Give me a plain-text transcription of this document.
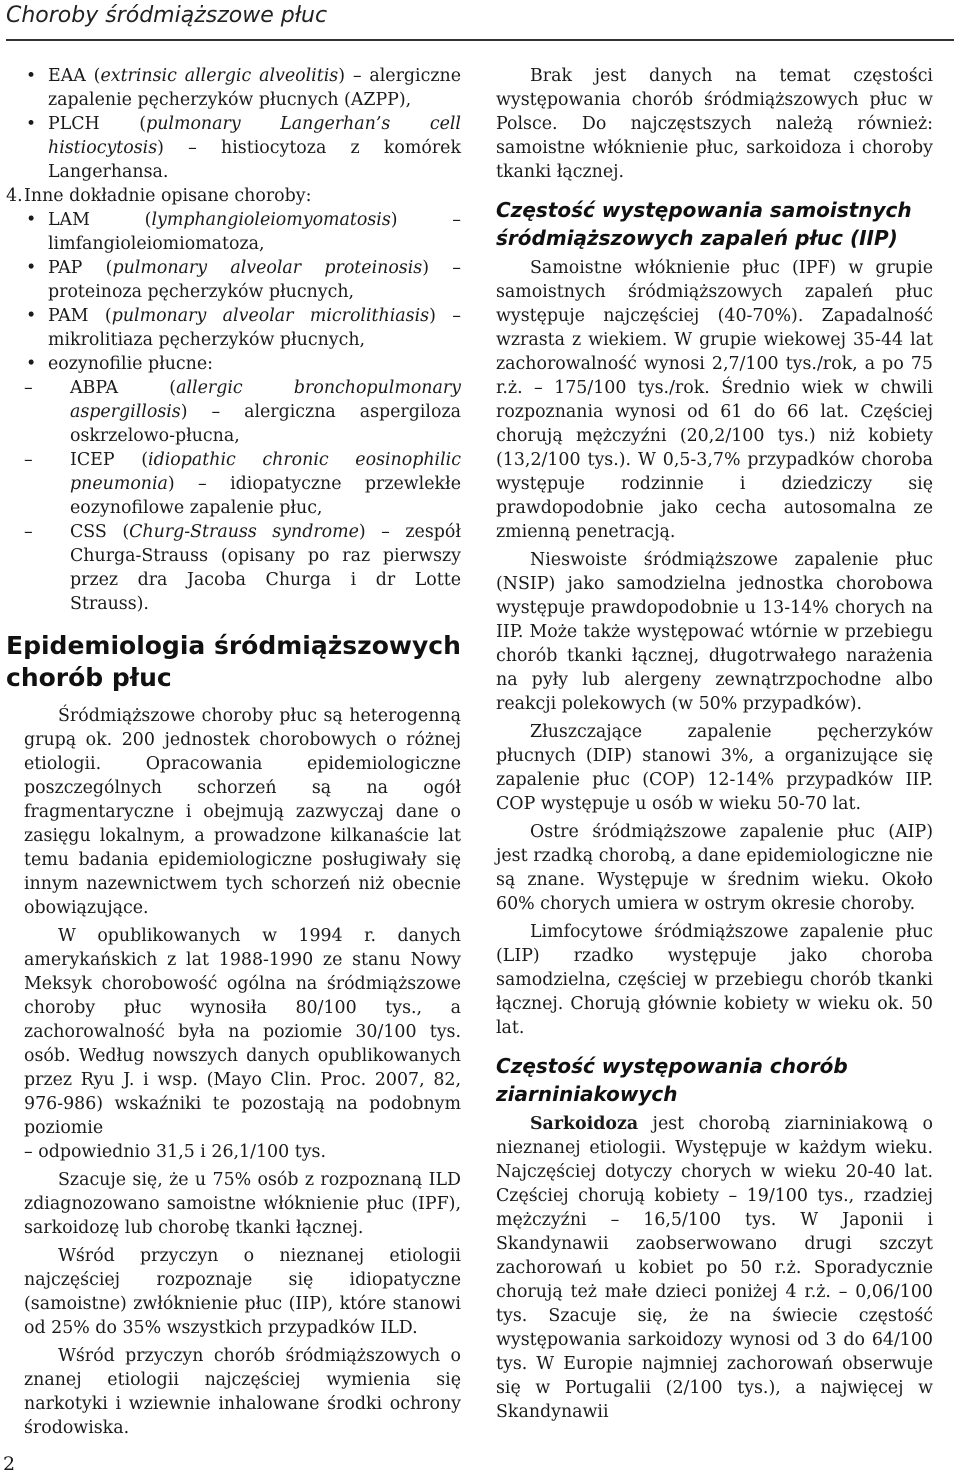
Choroby śródmiąższowe płuc
• EAA (extrinsic allergic alveolitis) – alergiczne zapalenie pęcherzyków płucnych (AZPP),
• PLCH (pulmonary Langerhan’s cell histiocytosis) – histiocytoza z komórek Langerhansa.
4. Inne dokładnie opisane choroby:
• LAM (lymphangioleiomyomatosis) – limfangioleiomiomatoza,
• PAP (pulmonary alveolar proteinosis) – proteinoza pęcherzyków płucnych,
• PAM (pulmonary alveolar microlithiasis) – mikrolitiaza pęcherzyków płucnych,
• eozynofilie płucne:
– ABPA (allergic bronchopulmonary aspergillosis) – alergiczna aspergiloza oskrzelowo-płucna,
– ICEP (idiopathic chronic eosinophilic pneumonia) – idiopatyczne przewlekłe eozynofilowe zapalenie płuc,
– CSS (Churg-Strauss syndrome) – zespół Churga-Strauss (opisany po raz pierwszy przez dra Jacoba Churga i dr Lotte Strauss).
Epidemiologia śródmiąższowych chorób płuc

Śródmiąższowe choroby płuc są heterogenną grupą ok. 200 jednostek chorobowych o różnej etiologii. Opracowania epidemiologiczne poszczególnych schorzeń są na ogół fragmentaryczne i obejmują zazwyczaj dane o zasięgu lokalnym, a prowadzone kilkanaście lat temu badania epidemiologiczne posługiwały się innym nazewnictwem tych schorzeń niż obecnie obowiązujące.

W opublikowanych w 1994 r. danych amerykańskich z lat 1988-1990 ze stanu Nowy Meksyk chorobowość ogólna na śródmiąższowe choroby płuc wynosiła 80/100 tys., a zachorowalność była na poziomie 30/100 tys. osób. Według nowszych danych opublikowanych przez Ryu J. i wsp. (Mayo Clin. Proc. 2007, 82, 976-986) wskaźniki te pozostają na podobnym poziomie

– odpowiednio 31,5 i 26,1/100 tys.

Szacuje się, że u 75% osób z rozpoznaną ILD zdiagnozowano samoistne włóknienie płuc (IPF), sarkoidozę lub chorobę tkanki łącznej.

Wśród przyczyn o nieznanej etiologii najczęściej rozpoznaje się idiopatyczne (samoistne) zwłóknienie płuc (IIP), które stanowi od 25% do 35% wszystkich przypadków ILD.

Wśród przyczyn chorób śródmiąższowych o znanej etiologii najczęściej wymienia się narkotyki i wziewnie inhalowane środki ochrony środowiska.

Brak jest danych na temat częstości występowania chorób śródmiąższowych płuc w Polsce. Do najczęstszych należą również: samoistne włóknienie płuc, sarkoidoza i choroby tkanki łącznej.

Częstość występowania samoistnych śródmiąższowych zapaleń płuc (IIP)

Samoistne włóknienie płuc (IPF) w grupie samoistnych śródmiąższowych zapaleń płuc występuje najczęściej (40-70%). Zapadalność wzrasta z wiekiem. W grupie wiekowej 35-44 lat zachorowalność wynosi 2,7/100 tys./rok, a po 75 r.ż. – 175/100 tys./rok. Średnio wiek w chwili rozpoznania wynosi od 61 do 66 lat. Częściej chorują mężczyźni (20,2/100 tys.) niż kobiety (13,2/100 tys.). W 0,5-3,7% przypadków choroba występuje rodzinnie i dziedziczy się prawdopodobnie jako cecha autosomalna ze zmienną penetracją.

Nieswoiste śródmiąższowe zapalenie płuc (NSIP) jako samodzielna jednostka chorobowa występuje prawdopodobnie u 13-14% chorych na IIP. Może także występować wtórnie w przebiegu chorób tkanki łącznej, długotrwałego narażenia na pyły lub alergeny zewnątrzpochodne albo reakcji polekowych (w 50% przypadków).

Złuszczające zapalenie pęcherzyków płucnych (DIP) stanowi 3%, a organizujące się zapalenie płuc (COP) 12-14% przypadków IIP. COP występuje u osób w wieku 50-70 lat.

Ostre śródmiąższowe zapalenie płuc (AIP) jest rzadką chorobą, a dane epidemiologiczne nie są znane. Występuje w średnim wieku. Około 60% chorych umiera w ostrym okresie choroby.

Limfocytowe śródmiąższowe zapalenie płuc (LIP) rzadko występuje jako choroba samodzielna, częściej w przebiegu chorób tkanki łącznej. Chorują głównie kobiety w wieku ok. 50 lat.

Częstość występowania chorób ziarniniakowych

Sarkoidoza jest chorobą ziarniniakową o nieznanej etiologii. Występuje w każdym wieku. Najczęściej dotyczy chorych w wieku 20-40 lat. Częściej chorują kobiety – 19/100 tys., rzadziej mężczyźni – 16,5/100 tys. W Japonii i Skandynawii zaobserwowano drugi szczyt zachorowań u kobiet po 50 r.ż. Sporadycznie chorują też małe dzieci poniżej 4 r.ż. – 0,06/100 tys. Szacuje się, że na świecie częstość występowania sarkoidozy wynosi od 3 do 64/100 tys. W Europie najmniej zachorowań obserwuje się w Portugalii (2/100 tys.), a najwięcej w Skandynawii

2
